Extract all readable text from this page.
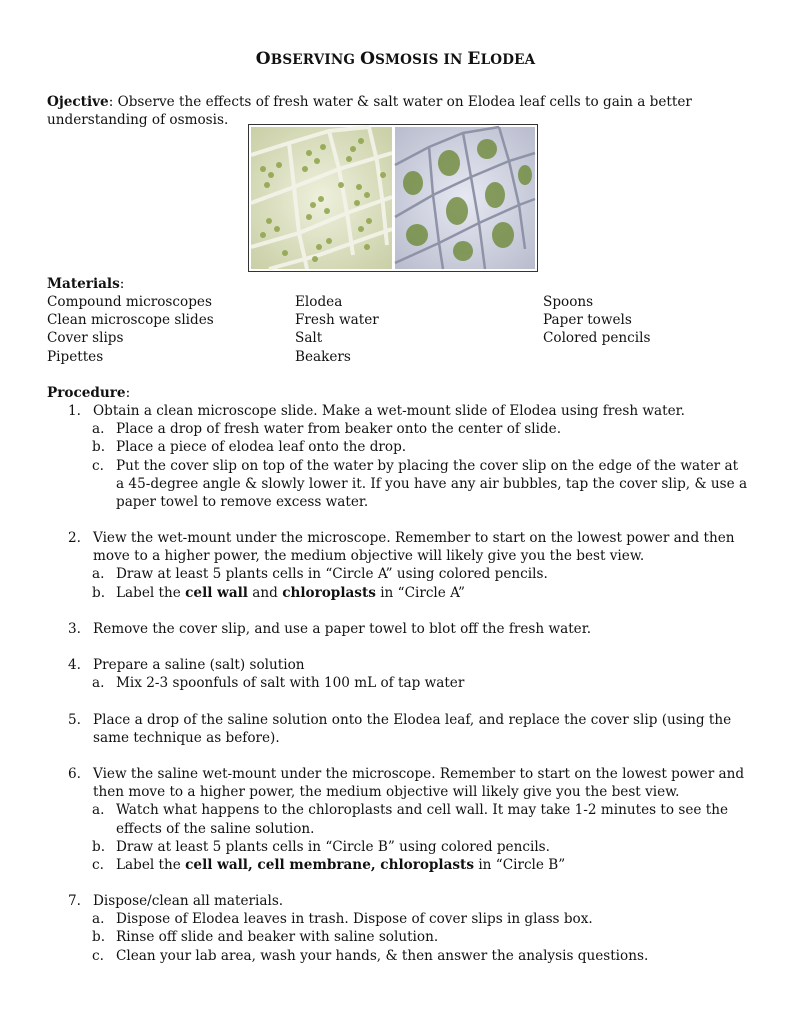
OBSERVING OSMOSIS IN ELODEA
Ojective: Observe the effects of fresh water & salt water on Elodea leaf cells to gain a better understanding of osmosis.
Materials:
Compound microscopes
Clean microscope slides
Cover slips
Pipettes
Elodea
Fresh water
Salt
Beakers
Spoons
Paper towels
Colored pencils
Procedure:
1. Obtain a clean microscope slide. Make a wet-mount slide of Elodea using fresh water.
a. Place a drop of fresh water from beaker onto the center of slide.
b. Place a piece of elodea leaf onto the drop.
c. Put the cover slip on top of the water by placing the cover slip on the edge of the water at a 45-degree angle & slowly lower it. If you have any air bubbles, tap the cover slip, & use a paper towel to remove excess water.
2. View the wet-mount under the microscope. Remember to start on the lowest power and then move to a higher power, the medium objective will likely give you the best view.
a. Draw at least 5 plants cells in “Circle A” using colored pencils.
b. Label the cell wall and chloroplasts in “Circle A”
3. Remove the cover slip, and use a paper towel to blot off the fresh water.
4. Prepare a saline (salt) solution
a. Mix 2-3 spoonfuls of salt with 100 mL of tap water
5. Place a drop of the saline solution onto the Elodea leaf, and replace the cover slip (using the same technique as before).
6. View the saline wet-mount under the microscope. Remember to start on the lowest power and then move to a higher power, the medium objective will likely give you the best view.
a. Watch what happens to the chloroplasts and cell wall. It may take 1-2 minutes to see the effects of the saline solution.
b. Draw at least 5 plants cells in “Circle B” using colored pencils.
c. Label the cell wall, cell membrane, chloroplasts in “Circle B”
7. Dispose/clean all materials.
a. Dispose of Elodea leaves in trash. Dispose of cover slips in glass box.
b. Rinse off slide and beaker with saline solution.
c. Clean your lab area, wash your hands, & then answer the analysis questions.
